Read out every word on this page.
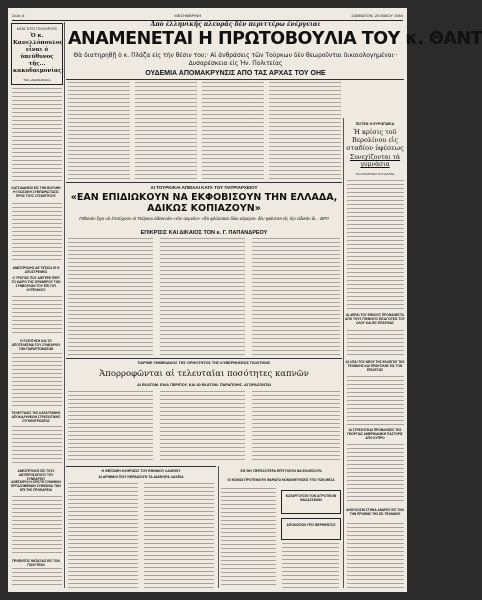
Σελίς 6	ΜΕΣΗΜΒΡΙΝΗ	ΣΑΒΒΑΤΟΝ, 20 ΜΑΪΟΥ 1964
ΚΑΤΑ ΤΟΥΣ ΓΕΛΛΗΡΟΥΣ
Ὁ κ. Κανελλόπουλος εἶναι ὁ ὑπεύθυνος τῆς... κακοδαιμονίας!
ΤΗΣ «ΑΘΗΝΑΙΚΗΣ»
ΚΑΤΣΙΑΔΗΚΟΙ ΕΙΣ ΤΗΝ ΒΟΥΛΗΝ Η ΓΛΩΣΣΙΚΗ ΣΥΜΠΑΡΑΣΤΑΣΙΣ ΠΡΟΣ ΤΟΥΣ ΣΥΣΚΕΠΤΟΥΣ
ΑΝΕΣΠΡΟΧΗΣ ΔΕ ΤΙΠΟΣΑ ΕΙ Η ΑΠΟΣΤΡΕΨΕΙΣ
Ο ΤΡΟΠΟΣ ΠΟΥ ΔΙΕΓΕΡΕ ΠΕΡΙ ΤΟ ΚΑΙΡΟ ΤΗΣ ΙΣΡΑΝΕΡΟΥ ΤΩΝ ΣΥΝΒΟΥΛΩΝ ΤΟΥ ΕΠΙ ΤΟΥ ΚΥΠΡΙΑΚΟΥ
Η ΣΥΖΗΤΗΣΗ ΚΑΙ ΤΟ ΑΠΟΤΕΛΕΣΜΑ ΤΟΥ ΣΥΝΕΔΡΙΟΥ ΤΩΝ ΠΑΡΑΠΤΩΜΑΤΩΝ
ΤΕΛΕΥΤΑΙΟΣ ΤΗΣ ΚΑΤΑΓΡΑΦΗΣ ΑΠΟΚΑΛΥΨΕΩΝ ΣΤΡΑΤΙΩΤΙΚΗΣ ΣΥΓΚΕΝΤΡΩΣΕΩΣ
ΑΝΕΣΠΡΟΧΗΣ ΕΙΣ ΤΟΥΣ ΑΝΤΙΠΡΟΣΩΠΟΥΣ ΤΟΥ ΣΥΝΕΔΡΙΟΥ
ΑΝΕΣΚΙΡΟΙ Η ΟΡΙΣΤΗ ΣΥΝΘΗΚΗ ΕΡΓΑΖΟΜΕΝΩΝ ΣΥΜΦΩΝΑ ΤΩΝ ΕΠΙ ΤΗΣ ΠΡΟΕΔΡΕΙΑ
ΠΡΟΕΝΤΟΣ ΦΑΤΑΞΑΙΣ ΕΙΣ ΤΟΝ ΠΟΛΥΤΕΧΝ
Ἀπὸ ἑλληνικῆς πλευρᾶς δὲν περιττέρω ἐνέργειαι
ΑΝΑΜΕΝΕΤΑΙ Η ΠΡΩΤΟΒΟΥΛΙΑ ΤΟΥ κ. ΘΑΝΤ
Θὰ διατηρηθῇ ὁ κ. Πλάζα εἰς τὴν θέσιν του;· Αἱ ἀνθράσεις τῶν Τούρκων δὲν θεωροῦνται δικαιολογημέναι·· Δυσαρέσκεια εἰς Ἡν. Πολιτείας
ΟΥΔΕΜΙΑ ΑΠΟΜΑΚΡΥΝΣΙΣ ΑΠΟ ΤΑΣ ΑΡΧΑΣ ΤΟΥ ΟΗΕ
ΠΙΣΤΕΙΣ Η ΕΥΡΩΠΑΪΚΑ
Ἡ κρίσις τοῦ Βερολίνου εἰς σταδίον ὑφέσεως
Συνεχίζονται τὰ γυμνάσια
ΤΟ ΑΤΛΑΝΤΙΚΟ ΤΟΥ ΕΛΛΑΣ
ΑΙ ΑΕΡΑΙ ΤΟΥ ΕΘΝΟΥΣ ΠΡΟΦΑΝΕΣΤΑ ΑΠΟ ΤΟΥΣ ΓΕΝΙΚΟΥΣ ΕΙΣΑΓΩΓΕΙΣ ΤΟΥ ΟΛΟΥ ΚΑΙ ΕΙΣ ΕΠΑΡΧΙΑΣ
ΑΙ ΛΙΤΑΙ ΤΟΥ ΝΕΟΥ ΤΗΣ ΕΚΛΕΓΗΣ ΤΗΣ ΤΕΧΝΙΚΗΣ ΚΑΙ ΠΡΑΚΤΙΚΗΣ ΕΙΣ ΤΟΝ ΕΠΙΛΕΞΩΣ
ΑΙ ΣΤΡΑΤΗΓΙΚΑΙ ΠΡΟΒΛΗΣΕΙΣ ΤΗΣ ΓΕΩΡΓΙΑΣ ΑΜΕΡΙΚΑΝΙΚΗ ΠΑΣΤΟΡΙΣ ΑΠΟ ΚΥΠΡΟ
ΑΝΟΥΧΟΣΙΝ ΣΤΗΝΑ ΑΝΔΡΕΣ ΕΙΣ ΤΟΝ ΤΗΝ ΠΡΟΕΝΙΣ ΤΗΣ ΕΚ ΤΕΧΝΙΚΗΣ
ΑΙ ΤΟΥΡΚΙΚΑΙ ΑΠΕΙΛΑΙ ΚΑΤΑ ΤΟΥ ΠΑΤΡΙΑΡΧΕΙΟΥ
«ΕΑΝ ΕΠΙΔΙΩΚΟΥΝ ΝΑ ΕΚΦΟΒΙΣΟΥΝ ΤΗΝ ΕΛΛΑΔΑ, ΑΔΙΚΩΣ ΚΟΠΙΑΖΟΥΝ»
Πιθανὸν ἔχει νὰ ἐπιτύχουν οἱ Τοῦρκοι ὁδεικνύει «τὸν σεμνὸν» «ὅτι φλῶντασι ὅλοι σέμερα» δὲν φαίνεται εἰς τὴν εἰδικόν δι... ΒΡΙ!
ΕΠΙΚΡΙΣΙΣ ΚΑΙ ΔΙΚΑΙΟΣ ΤΟΝ κ. Γ. ΠΑΠΑΝΔΡΕΟΥ
ΠΑΡΙΘΕ ΞΗΜΕΝΑΚΟΣ ΤΗΣ ΟΡΘΟΤΗΤΟΣ ΤΗΣ ΚΥΒΕΡΝΗΣΕΩΣ ΠΟΛΙΤΙΚΗΣ
Ἀπορροφῶνται αἱ τελευταῖαι ποσότητες καπνῶν
ΑΙ ΕΚΑΤΟΜ. ΕΙΛΑ ΠΕΡΙΠΟΥ, ΚΑΙ 40 ΕΚΑΤΟΜ. ΠΑΡΑΠΟΙΗΣ. ΑΓΟΡΑΖΟΝΤΑΙ
Η ΘΕΣΣΙΜΗ ΚΛΗΡΩΣΙΣ ΤΟΥ ΕΘΝΙΚΟΥ ΛΑΧΕΙΟΥ
ΑΙ ΑΡΙΘΜΟΙ ΠΟΥ ΚΕΡΔΙΖΟΥΝ ΤΑ ΔΙΑΦΟΡΑ ΛΑΧΕΙΑ
ΕΙΣ ΘΗ. ΠΕΡΙΣΣΟΤΕΡΑ ΕΠΙΤΥΧΟΥΝ ΝΑ ΕΚΛΕΙΣΟΥΝ
ΟΙ ΚΟΙΝΟΙ ΠΡΟΤΕΙΝΟΥΝ ΦΑΡΑΠΟ ΝΟΜΟΘΕΤΗΣΕΙΣ ΥΠΟ ΤΩΝ ΜΕΣΑ
ΚΑΤΑΡΓΟΥΣΙΝ ΤΟΝ ΑΓΡΟΤΙΚΟΝ ΘΑΛΑΣΣΙΝΟΝ
ΑΠΟΚΟΠΟΝ ΥΠΟ ΦΕΡΘΕΝΤΟΣ
